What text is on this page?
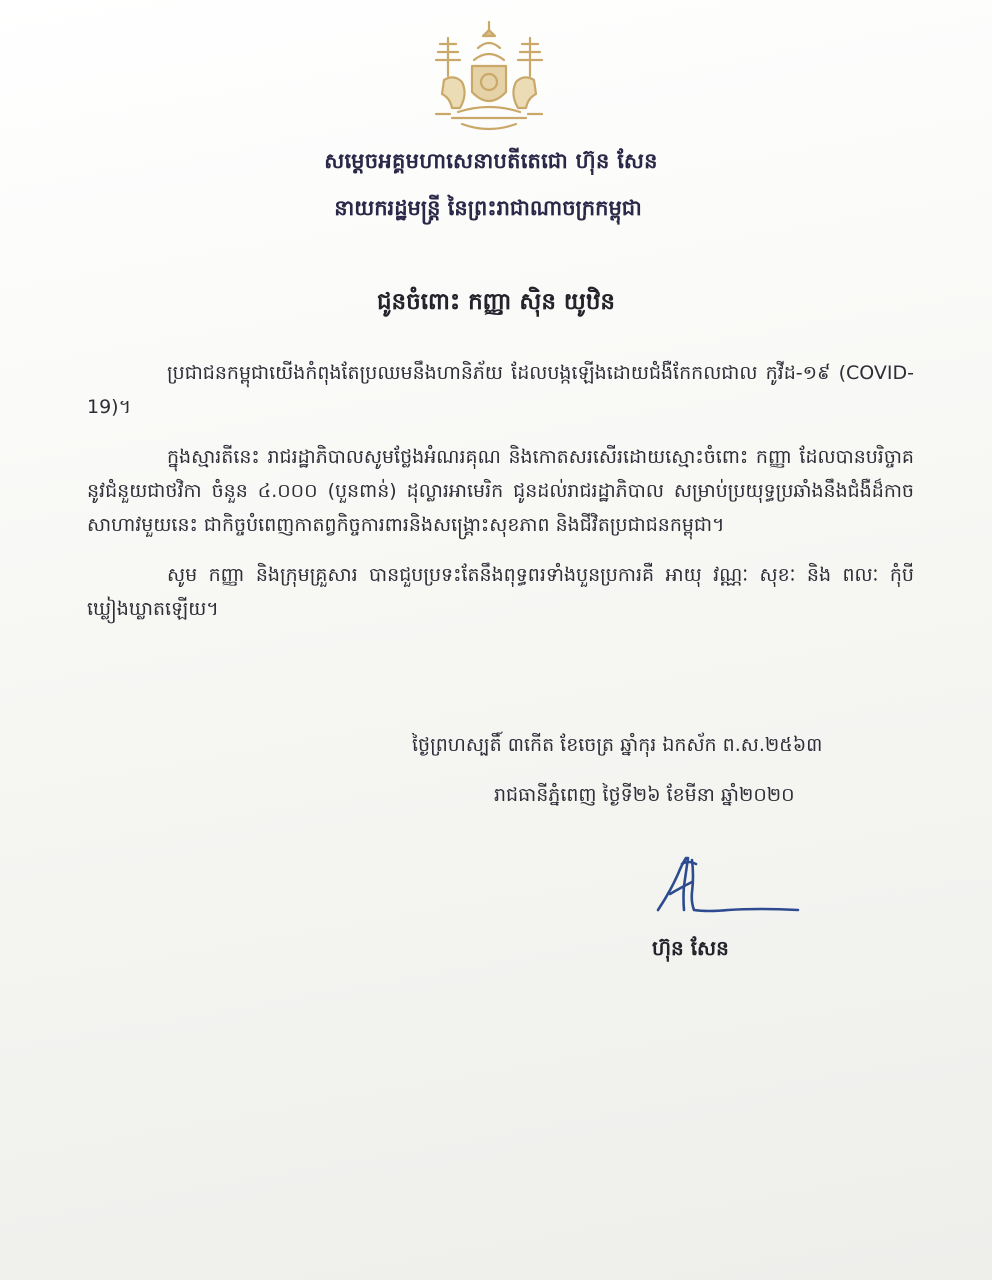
សម្តេចអគ្គមហាសេនាបតីតេជោ ហ៊ុន សែន
នាយករដ្ឋមន្ត្រី នៃព្រះរាជាណាចក្រកម្ពុជា
ជូនចំពោះ កញ្ញា ស៊ិន យូឋិន

ប្រជាជនកម្ពុជាយើងកំពុងតែប្រឈមនឹងហានិភ័យ ដែលបង្កឡើងដោយជំងឺកែកលជាល កូវីដ-១៩ (COVID-19)។

ក្នុងស្មារតីនេះ រាជរដ្ឋាភិបាលសូមថ្លែងអំណរគុណ និងកោតសរសើរដោយស្មោះចំពោះ កញ្ញា ដែលបានបរិច្ចាគនូវជំនួយជាថវិកា ចំនួន ៤.០០០ (បួនពាន់) ដុល្លារអាមេរិក ជូនដល់រាជរដ្ឋាភិបាល សម្រាប់ប្រយុទ្ធប្រឆាំងនឹងជំងឺដ៏កាចសាហាវមួយនេះ ជាកិច្ចបំពេញកាតព្វកិច្ចការពារនិងសង្គ្រោះសុខភាព និងជីវិតប្រជាជនកម្ពុជា។

សូម កញ្ញា និងក្រុមគ្រួសារ បានជួបប្រទះតែនឹងពុទ្ធពរទាំងបួនប្រការគឺ អាយុ វណ្ណៈ សុខៈ និង ពលៈ កុំបីឃ្លៀងឃ្លាតឡើយ។

ថ្ងៃព្រហស្បតិ៍ ៣កើត ខែចេត្រ ឆ្នាំកុរ ឯកស័ក ព.ស.២៥៦៣
រាជធានីភ្នំពេញ ថ្ងៃទី២៦ ខែមីនា ឆ្នាំ២០២០
ហ៊ុន សែន
